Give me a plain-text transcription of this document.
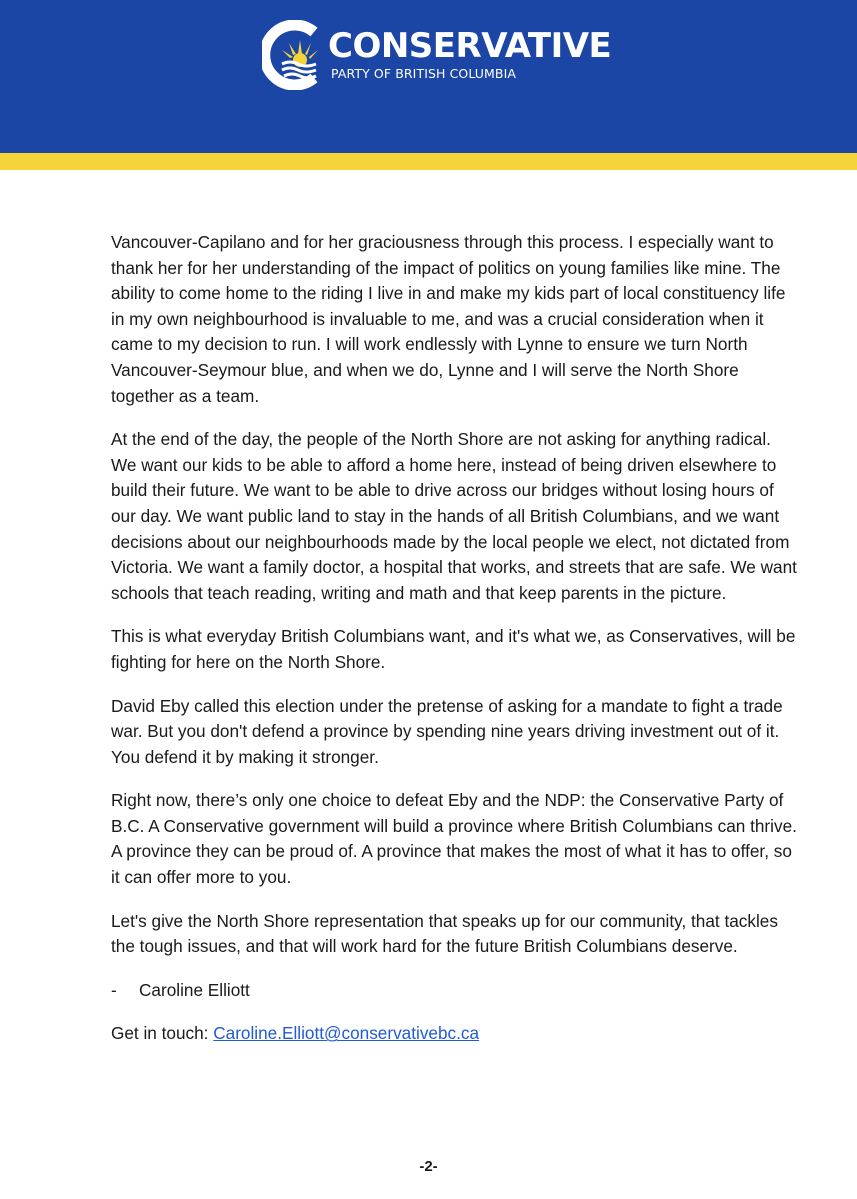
CONSERVATIVE
PARTY OF BRITISH COLUMBIA

Vancouver-Capilano and for her graciousness through this process. I especially want to thank her for her understanding of the impact of politics on young families like mine. The ability to come home to the riding I live in and make my kids part of local constituency life in my own neighbourhood is invaluable to me, and was a crucial consideration when it came to my decision to run. I will work endlessly with Lynne to ensure we turn North Vancouver-Seymour blue, and when we do, Lynne and I will serve the North Shore together as a team.

At the end of the day, the people of the North Shore are not asking for anything radical. We want our kids to be able to afford a home here, instead of being driven elsewhere to build their future. We want to be able to drive across our bridges without losing hours of our day. We want public land to stay in the hands of all British Columbians, and we want decisions about our neighbourhoods made by the local people we elect, not dictated from Victoria. We want a family doctor, a hospital that works, and streets that are safe. We want schools that teach reading, writing and math and that keep parents in the picture.

This is what everyday British Columbians want, and it's what we, as Conservatives, will be fighting for here on the North Shore.

David Eby called this election under the pretense of asking for a mandate to fight a trade war. But you don't defend a province by spending nine years driving investment out of it. You defend it by making it stronger.

Right now, there’s only one choice to defeat Eby and the NDP: the Conservative Party of B.C. A Conservative government will build a province where British Columbians can thrive. A province they can be proud of. A province that makes the most of what it has to offer, so it can offer more to you.

Let's give the North Shore representation that speaks up for our community, that tackles the tough issues, and that will work hard for the future British Columbians deserve.

- Caroline Elliott
Get in touch: Caroline.Elliott@conservativebc.ca
-2-
